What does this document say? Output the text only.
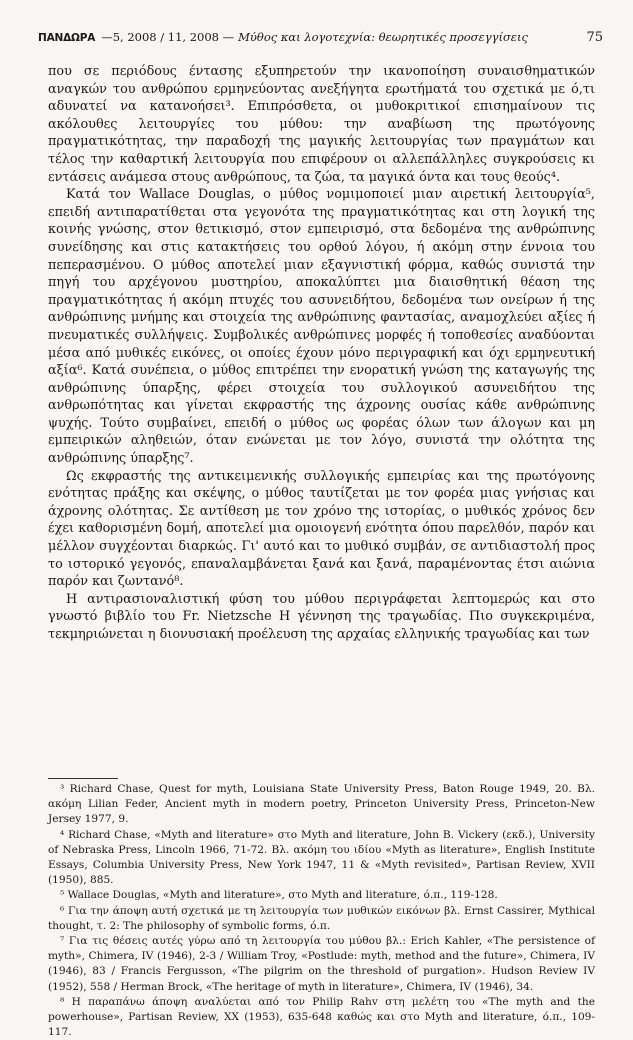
ΠΑΝΔΩΡΑ —5, 2008 / 11, 2008 — Μύθος και λογοτεχνία: θεωρητικές προσεγγίσεις	75

που σε περιόδους έντασης εξυπηρετούν την ικανοποίηση συναισθηματικών αναγκών του ανθρώπου ερμηνεύοντας ανεξήγητα ερωτήματά του σχετικά με ό,τι αδυνατεί να κατανοήσει³. Επιπρόσθετα, οι μυθοκριτικοί επισημαίνουν τις ακόλουθες λειτουργίες του μύθου: την αναβίωση της πρωτόγονης πραγματικότητας, την παραδοχή της μαγικής λειτουργίας των πραγμάτων και τέλος την καθαρτική λειτουργία που επιφέρουν οι αλλεπάλληλες συγκρούσεις κι εντάσεις ανάμεσα στους ανθρώπους, τα ζώα, τα μαγικά όντα και τους θεούς⁴.

Κατά τον Wallace Douglas, ο μύθος νομιμοποιεί μιαν αιρετική λειτουργία⁵, επειδή αντιπαρατίθεται στα γεγονότα της πραγματικότητας και στη λογική της κοινής γνώσης, στον θετικισμό, στον εμπειρισμό, στα δεδομένα της ανθρώπινης συνείδησης και στις κατακτήσεις του ορθού λόγου, ή ακόμη στην έννοια του πεπερασμένου. Ο μύθος αποτελεί μιαν εξαγνιστική φόρμα, καθώς συνιστά την πηγή του αρχέγονου μυστηρίου, αποκαλύπτει μια διαισθητική θέαση της πραγματικότητας ή ακόμη πτυχές του ασυνειδήτου, δεδομένα των ονείρων ή της ανθρώπινης μνήμης και στοιχεία της ανθρώπινης φαντασίας, αναμοχλεύει αξίες ή πνευματικές συλλήψεις. Συμβολικές ανθρώπινες μορφές ή τοποθεσίες αναδύονται μέσα από μυθικές εικόνες, οι οποίες έχουν μόνο περιγραφική και όχι ερμηνευτική αξία⁶. Κατά συνέπεια, ο μύθος επιτρέπει την ενορατική γνώση της καταγωγής της ανθρώπινης ύπαρξης, φέρει στοιχεία του συλλογικού ασυνειδήτου της ανθρωπότητας και γίνεται εκφραστής της άχρονης ουσίας κάθε ανθρώπινης ψυχής. Τούτο συμβαίνει, επειδή ο μύθος ως φορέας όλων των άλογων και μη εμπειρικών αληθειών, όταν ενώνεται με τον λόγο, συνιστά την ολότητα της ανθρώπινης ύπαρξης⁷.

Ως εκφραστής της αντικειμενικής συλλογικής εμπειρίας και της πρωτόγονης ενότητας πράξης και σκέψης, ο μύθος ταυτίζεται με τον φορέα μιας γνήσιας και άχρονης ολότητας. Σε αντίθεση με τον χρόνο της ιστορίας, ο μυθικός χρόνος δεν έχει καθορισμένη δομή, αποτελεί μια ομοιογενή ενότητα όπου παρελθόν, παρόν και μέλλον συγχέονται διαρκώς. Γι' αυτό και το μυθικό συμβάν, σε αντιδιαστολή προς το ιστορικό γεγονός, επαναλαμβάνεται ξανά και ξανά, παραμένοντας έτσι αιώνια παρόν και ζωντανό⁸.

Η αντιρασιοναλιστική φύση του μύθου περιγράφεται λεπτομερώς και στο γνωστό βιβλίο του Fr. Nietzsche Η γέννηση της τραγωδίας. Πιο συγκεκριμένα, τεκμηριώνεται η διονυσιακή προέλευση της αρχαίας ελληνικής τραγωδίας και των

³ Richard Chase, Quest for myth, Louisiana State University Press, Baton Rouge 1949, 20. Βλ. ακόμη Lilian Feder, Ancient myth in modern poetry, Princeton University Press, Princeton-New Jersey 1977, 9.

⁴ Richard Chase, «Myth and literature» στο Myth and literature, John B. Vickery (εκδ.), University of Nebraska Press, Lincoln 1966, 71-72. Βλ. ακόμη του ιδίου «Myth as literature», English Institute Essays, Columbia University Press, New York 1947, 11 & «Myth revisited», Partisan Review, XVII (1950), 885.

⁵ Wallace Douglas, «Myth and literature», στο Myth and literature, ό.π., 119-128.

⁶ Για την άποψη αυτή σχετικά με τη λειτουργία των μυθικών εικόνων βλ. Ernst Cassirer, Mythical thought, τ. 2: The philosophy of symbolic forms, ό.π.

⁷ Για τις θέσεις αυτές γύρω από τη λειτουργία του μύθου βλ.: Erich Kahler, «The persistence of myth», Chimera, IV (1946), 2-3 / William Troy, «Postlude: myth, method and the future», Chimera, IV (1946), 83 / Francis Fergusson, «The pilgrim on the threshold of purgation». Hudson Review IV (1952), 558 / Herman Brock, «The heritage of myth in literature», Chimera, IV (1946), 34.

⁸ Η παραπάνω άποψη αναλύεται από τον Philip Rahv στη μελέτη του «The myth and the powerhouse», Partisan Review, XX (1953), 635-648 καθώς και στο Myth and literature, ό.π., 109-117.
